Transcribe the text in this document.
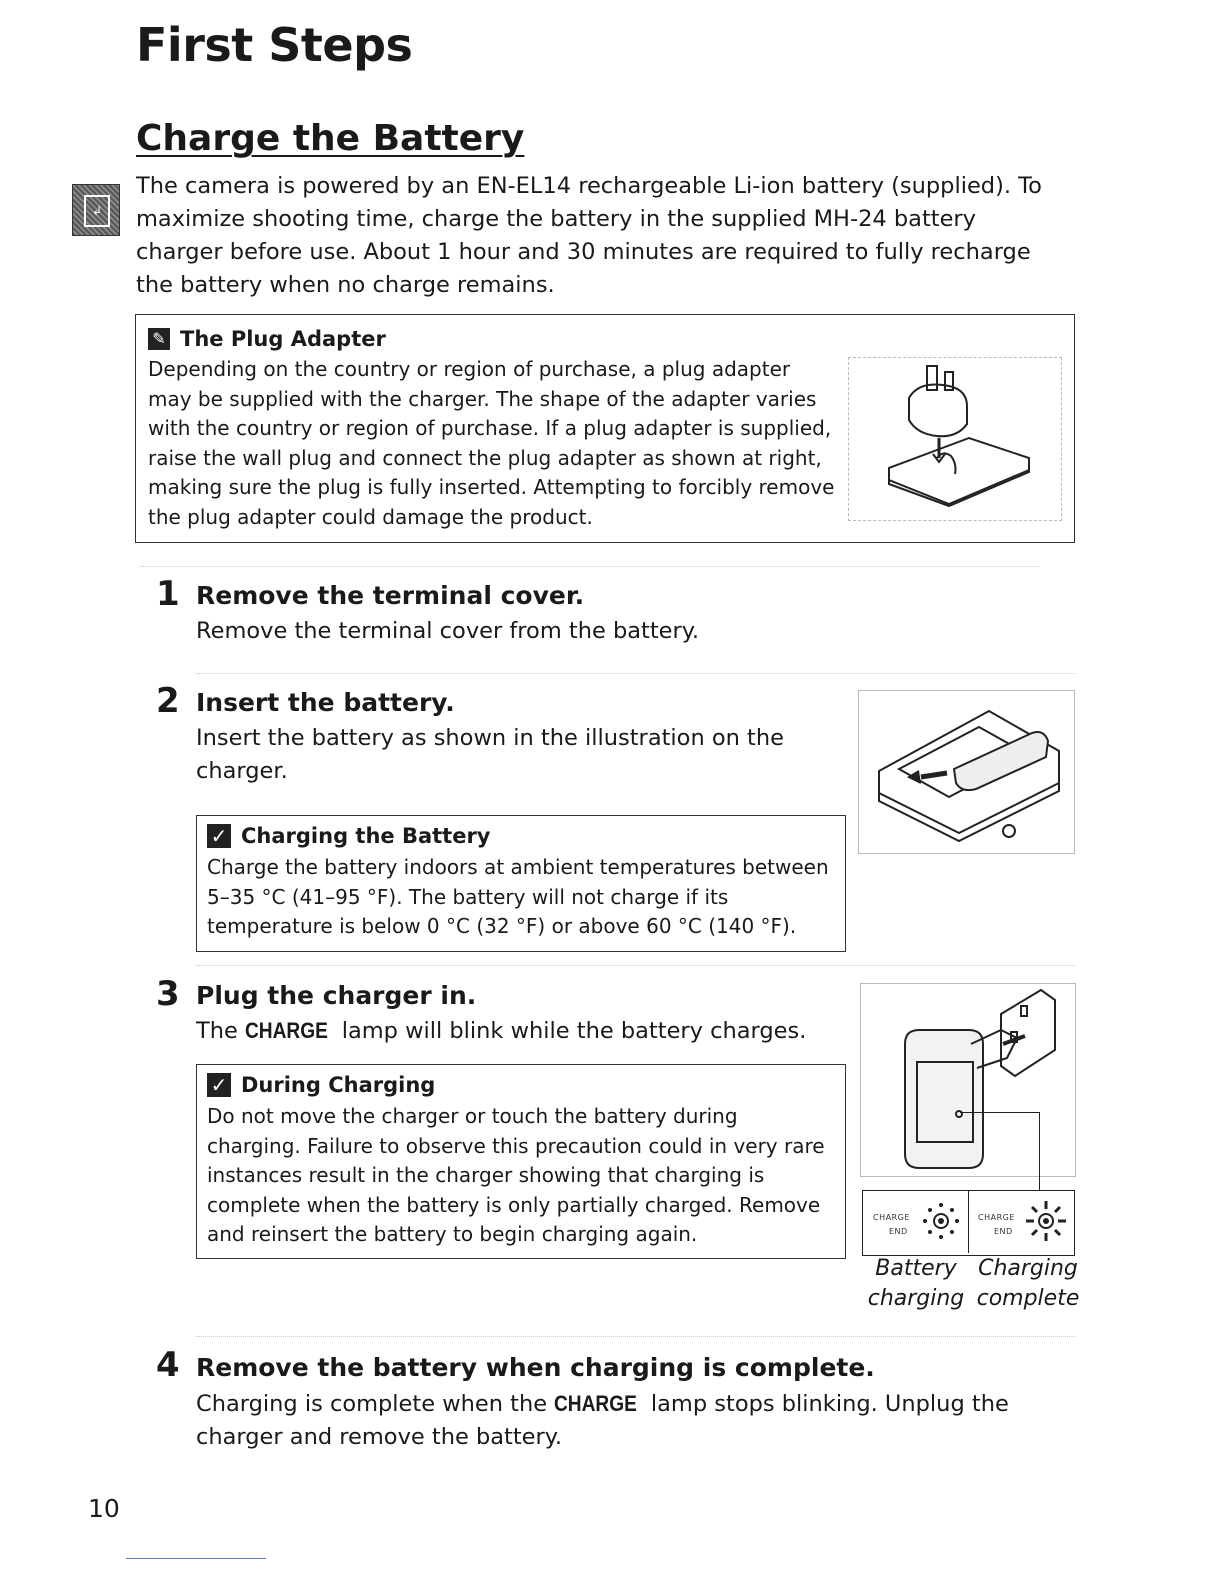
First Steps
Charge the Battery
↲
The camera is powered by an EN-EL14 rechargeable Li-ion battery (supplied). To maximize shooting time, charge the battery in the supplied MH-24 battery charger before use. About 1 hour and 30 minutes are required to fully recharge the battery when no charge remains.
✎ The Plug Adapter
Depending on the country or region of purchase, a plug adapter may be supplied with the charger. The shape of the adapter varies with the country or region of purchase. If a plug adapter is supplied, raise the wall plug and connect the plug adapter as shown at right, making sure the plug is fully inserted. Attempting to forcibly remove the plug adapter could damage the product.
1 Remove the terminal cover.
Remove the terminal cover from the battery.
2 Insert the battery.
Insert the battery as shown in the illustration on the charger.
✓ Charging the Battery
Charge the battery indoors at ambient temperatures between 5–35 °C (41–95 °F). The battery will not charge if its temperature is below 0 °C (32 °F) or above 60 °C (140 °F).
3 Plug the charger in.
The CHARGE lamp will blink while the battery charges.
CHARGE
END
CHARGE
END
Battery
charging
Charging
complete
✓ During Charging
Do not move the charger or touch the battery during charging. Failure to observe this precaution could in very rare instances result in the charger showing that charging is complete when the battery is only partially charged. Remove and reinsert the battery to begin charging again.
4 Remove the battery when charging is complete.
Charging is complete when the CHARGE lamp stops blinking. Unplug the charger and remove the battery.
10
